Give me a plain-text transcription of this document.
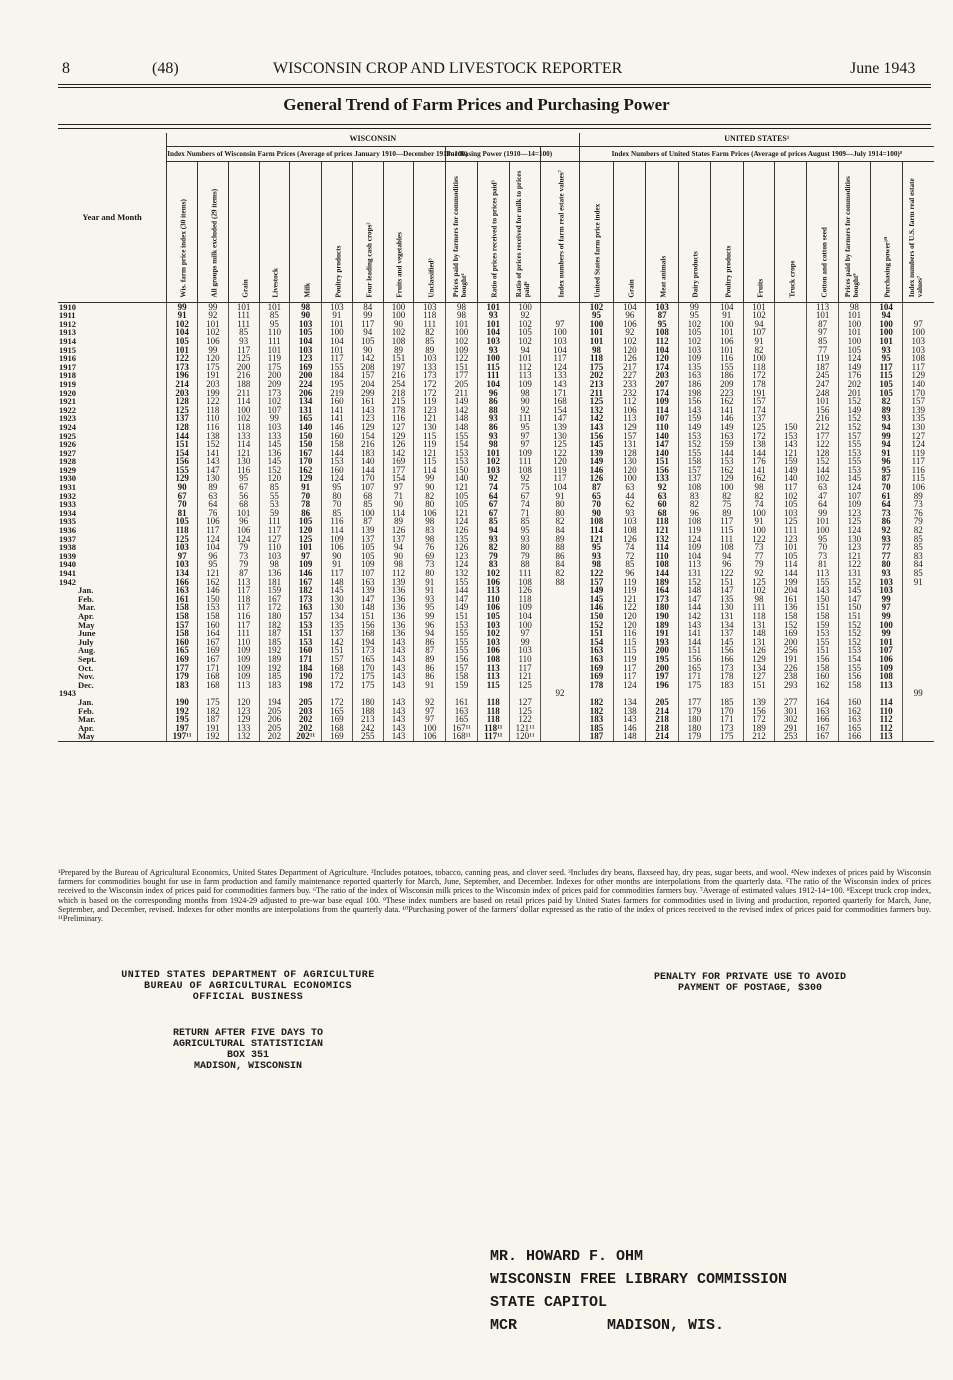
8	(48)	WISCONSIN CROP AND LIVESTOCK REPORTER	June 1943
General Trend of Farm Prices and Purchasing Power
Year and Month	WISCONSIN													UNITED STATES¹										
	Index Numbers of Wisconsin Farm Prices (Average of prices January 1910—December 1914=100)									Purchasing Power (1910—14=100)				Index Numbers of United States Farm Prices (Average of prices August 1909—July 1914=100)⁸										

	Wis. farm price index (30 items)	All groups milk excluded (29 items)	Grain	Livestock	Milk	Poultry products	Four leading cash crops²	Fruits and vegetables	Unclassified³	Prices paid by farmers for commodities bought⁴	Ratio of prices received to prices paid⁵	Ratio of prices received for milk to prices paid⁶	Index numbers of farm real estate values⁷	United States farm price index	Grain	Meat animals	Dairy products	Poultry products	Fruits	Truck crops	Cotton and cotton seed	Prices paid by farmers for commodities bought⁹	Purchasing power¹⁰	Index numbers of U.S. farm real estate values⁷

1910	99	99	101	101	98	103	84	100	103	98	101	100		102	104	103	99	104	101		113	98	104	
1911	91	92	111	85	90	91	99	100	118	98	93	92		95	96	87	95	91	102		101	101	94	
1912	102	101	111	95	103	101	117	90	111	101	101	102	97	100	106	95	102	100	94		87	100	100	97
1913	104	102	85	110	105	100	94	102	82	100	104	105	100	101	92	108	105	101	107		97	101	100	100
1914	105	106	93	111	104	104	105	108	85	102	103	102	103	101	102	112	102	106	91		85	100	101	103
1915	101	99	117	101	103	101	90	89	89	109	93	94	104	98	120	104	103	101	82		77	105	93	103
1916	122	120	125	119	123	117	142	151	103	122	100	101	117	118	126	120	109	116	100		119	124	95	108
1917	173	175	200	175	169	155	208	197	133	151	115	112	124	175	217	174	135	155	118		187	149	117	117
1918	196	191	216	200	200	184	157	216	173	177	111	113	133	202	227	203	163	186	172		245	176	115	129
1919	214	203	188	209	224	195	204	254	172	205	104	109	143	213	233	207	186	209	178		247	202	105	140
1920	203	199	211	173	206	219	299	218	172	211	96	98	171	211	232	174	198	223	191		248	201	105	170
1921	128	122	114	102	134	160	161	215	119	149	86	90	168	125	112	109	156	162	157		101	152	82	157
1922	125	118	100	107	131	141	143	178	123	142	88	92	154	132	106	114	143	141	174		156	149	89	139
1923	137	110	102	99	165	141	123	116	121	148	93	111	147	142	113	107	159	146	137		216	152	93	135
1924	128	116	118	103	140	146	129	127	130	148	86	95	139	143	129	110	149	149	125	150	212	152	94	130
1925	144	138	133	133	150	160	154	129	115	155	93	97	130	156	157	140	153	163	172	153	177	157	99	127
1926	151	152	114	145	150	158	216	126	119	154	98	97	125	145	131	147	152	159	138	143	122	155	94	124
1927	154	141	121	136	167	144	183	142	121	153	101	109	122	139	128	140	155	144	144	121	128	153	91	119
1928	156	143	130	145	170	153	140	169	115	153	102	111	120	149	130	151	158	153	176	159	152	155	96	117
1929	155	147	116	152	162	160	144	177	114	150	103	108	119	146	120	156	157	162	141	149	144	153	95	116
1930	129	130	95	120	129	124	170	154	99	140	92	92	117	126	100	133	137	129	162	140	102	145	87	115
1931	90	89	67	85	91	95	107	97	90	121	74	75	104	87	63	92	108	100	98	117	63	124	70	106
1932	67	63	56	55	70	80	68	71	82	105	64	67	91	65	44	63	83	82	82	102	47	107	61	89
1933	70	64	68	53	78	70	85	90	80	105	67	74	80	70	62	60	82	75	74	105	64	109	64	73
1934	81	76	101	59	86	85	100	114	106	121	67	71	80	90	93	68	96	89	100	103	99	123	73	76
1935	105	106	96	111	105	116	87	89	98	124	85	85	82	108	103	118	108	117	91	125	101	125	86	79
1936	118	117	106	117	120	114	139	126	83	126	94	95	84	114	108	121	119	115	100	111	100	124	92	82
1937	125	124	124	127	125	109	137	137	98	135	93	93	89	121	126	132	124	111	122	123	95	130	93	85
1938	103	104	79	110	101	106	105	94	76	126	82	80	88	95	74	114	109	108	73	101	70	123	77	85
1939	97	96	73	103	97	90	105	90	69	123	79	79	86	93	72	110	104	94	77	105	73	121	77	83
1940	103	95	79	98	109	91	109	98	73	124	83	88	84	98	85	108	113	96	79	114	81	122	80	84
1941	134	121	87	136	146	117	107	112	80	132	102	111	82	122	96	144	131	122	92	144	113	131	93	85
1942	166	162	113	181	167	148	163	139	91	155	106	108	88	157	119	189	152	151	125	199	155	152	103	91
Jan.	163	146	117	159	182	145	139	136	91	144	113	126		149	119	164	148	147	102	204	143	145	103	
Feb.	161	150	118	167	173	130	147	136	93	147	110	118		145	121	173	147	135	98	161	150	147	99	
Mar.	158	153	117	172	163	130	148	136	95	149	106	109		146	122	180	144	130	111	136	151	150	97	
Apr.	158	158	116	180	157	134	151	136	99	151	105	104		150	120	190	142	131	118	158	158	151	99	
May	157	160	117	182	153	135	156	136	96	153	103	100		152	120	189	143	134	131	152	159	152	100	
June	158	164	111	187	151	137	168	136	94	155	102	97		151	116	191	141	137	148	169	153	152	99	
July	160	167	110	185	153	142	194	143	86	155	103	99		154	115	193	144	145	131	200	155	152	101	
Aug.	165	169	109	192	160	151	173	143	87	155	106	103		163	115	200	151	156	126	256	151	153	107	
Sept.	169	167	109	189	171	157	165	143	89	156	108	110		163	119	195	156	166	129	191	156	154	106	
Oct.	177	171	109	192	184	168	170	143	86	157	113	117		169	117	200	165	173	134	226	158	155	109	
Nov.	179	168	109	185	190	172	175	143	86	158	113	121		169	117	197	171	178	127	238	160	156	108	
Dec.	183	168	113	183	198	172	175	143	91	159	115	125		178	124	196	175	183	151	293	162	158	113	
1943													92											99
Jan.	190	175	120	194	205	172	180	143	92	161	118	127		182	134	205	177	185	139	277	164	160	114	
Feb.	192	182	123	205	203	165	188	143	97	163	118	125		182	138	214	179	170	156	301	163	162	110	
Mar.	195	187	129	206	202	169	213	143	97	165	118	122		183	143	218	180	171	172	302	166	163	112	
Apr.	197	191	133	205	202	168	242	143	100	167¹¹	118¹¹	121¹¹		185	146	218	180	173	189	291	167	165	112	
May	197¹¹	192	132	202	202¹¹	169	255	143	106	168¹¹	117¹¹	120¹¹		187	148	214	179	175	212	253	167	166	113	
¹Prepared by the Bureau of Agricultural Economics, United States Department of Agriculture. ²Includes potatoes, tobacco, canning peas, and clover seed. ³Includes dry beans, flaxseed hay, dry peas, sugar beets, and wool. ⁴New indexes of prices paid by Wisconsin farmers for commodities bought for use in farm production and family maintenance reported quarterly for March, June, September, and December. Indexes for other months are interpolations from the quarterly data. ⁵The ratio of the Wisconsin index of prices received to the Wisconsin index of prices paid for commodities farmers buy. ⁶The ratio of the index of Wisconsin milk prices to the Wisconsin index of prices paid for commodities farmers buy. ⁷Average of estimated values 1912-14=100. ⁸Except truck crop index, which is based on the corresponding months from 1924-29 adjusted to pre-war base equal 100. ⁹These index numbers are based on retail prices paid by United States farmers for commodities used in living and production, reported quarterly for March, June, September, and December, revised. Indexes for other months are interpolations from the quarterly data. ¹⁰Purchasing power of the farmers' dollar expressed as the ratio of the index of prices received to the revised index of prices paid for commodities farmers buy. ¹¹Preliminary.
UNITED STATES DEPARTMENT OF AGRICULTURE
BUREAU OF AGRICULTURAL ECONOMICS
OFFICIAL BUSINESS
PENALTY FOR PRIVATE USE TO AVOID
PAYMENT OF POSTAGE, $300
RETURN AFTER FIVE DAYS TO
AGRICULTURAL STATISTICIAN
BOX 351
MADISON, WISCONSIN
MR. HOWARD F. OHM
WISCONSIN FREE LIBRARY COMMISSION
STATE CAPITOL
MCR          MADISON, WIS.
